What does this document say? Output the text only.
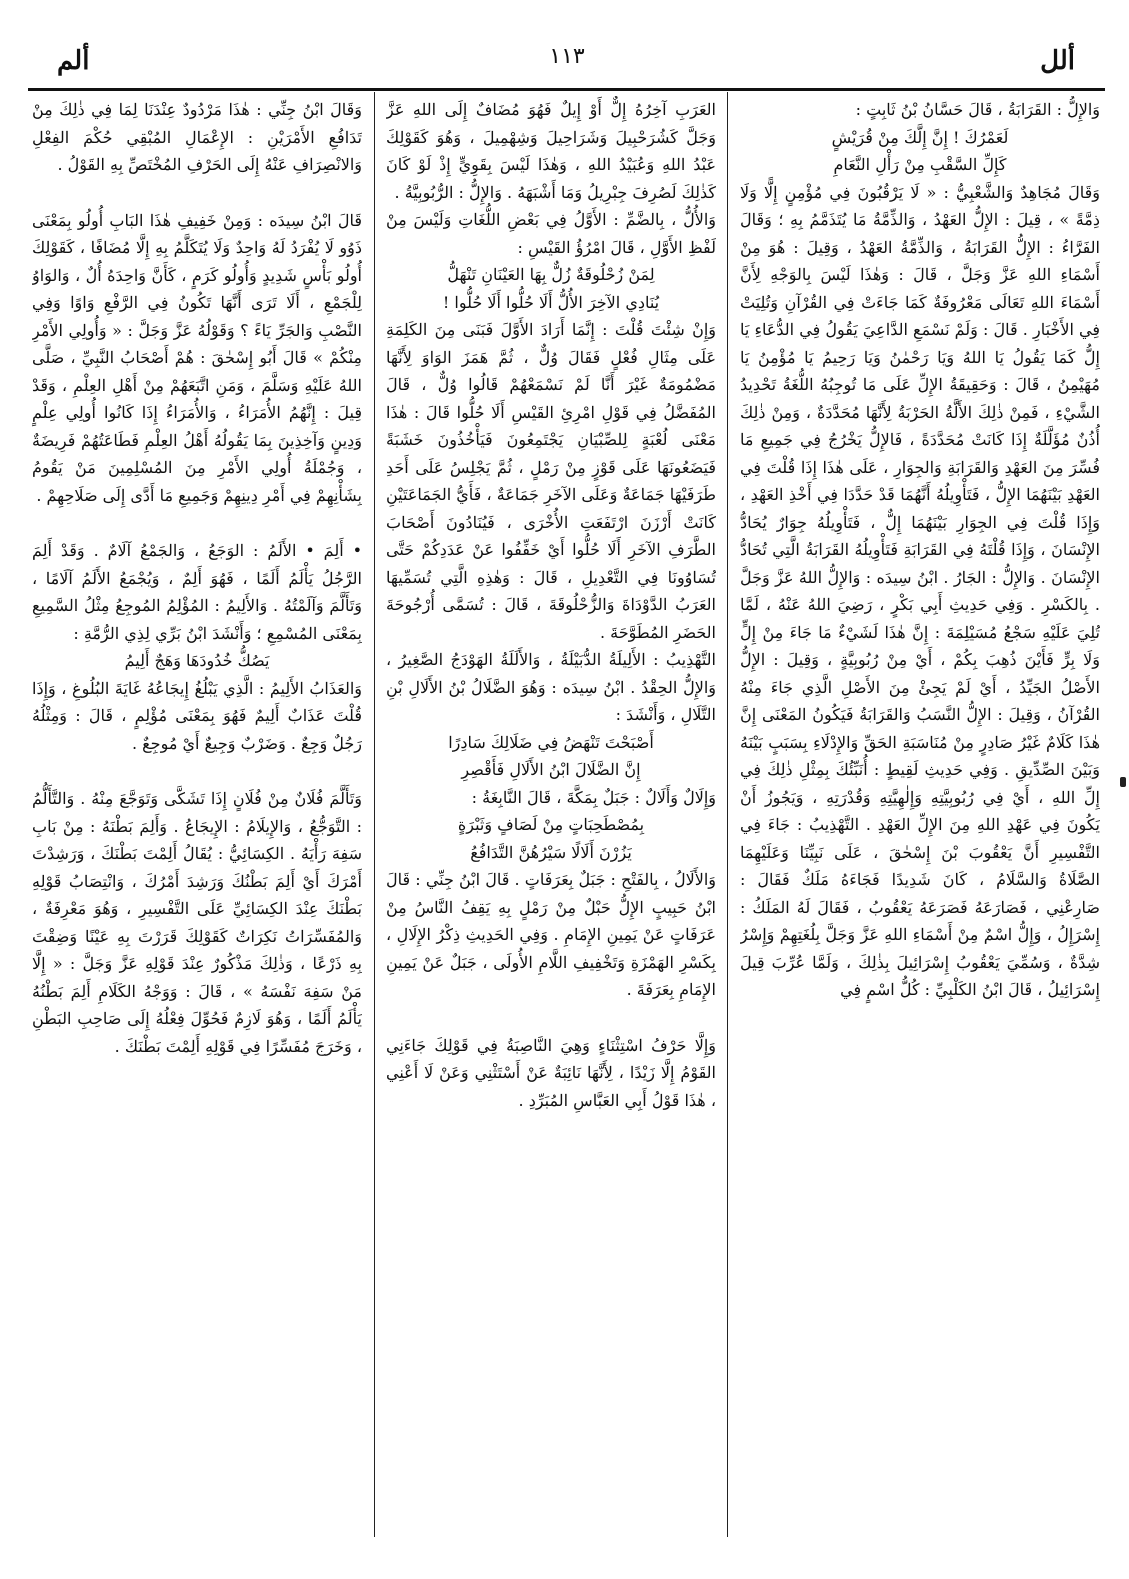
ألل
١١٣
ألم

وَالإِلُّ : القَرَابَةُ ، قَالَ حَسَّانُ بْنُ ثَابِتٍ :

لَعَمْرُكَ ! إِنَّ إِلَّكَ مِنْ قُرَيْشٍ

كَإِلِّ السَّقْبِ مِنْ رَأْلِ النَّعَامِ

وَقَالَ مُجَاهِدٌ وَالشَّعْبِيُّ : « لَا يَرْقُبُونَ فِي مُؤْمِنٍ إِلًّا وَلَا ذِمَّةً » ، قِيلَ : الإِلُّ العَهْدُ ، وَالذِّمَّةُ مَا يُتَذَمَّمُ بِهِ ؛ وَقَالَ الفَرَّاءُ : الإِلُّ القَرَابَةُ ، وَالذِّمَّةُ العَهْدُ ، وَقِيلَ : هُوَ مِنْ أَسْمَاءِ اللهِ عَزَّ وَجَلَّ ، قَالَ : وَهٰذَا لَيْسَ بِالوَجْهِ لِأَنَّ أَسْمَاءَ اللهِ تَعَالَى مَعْرُوفَةٌ كَمَا جَاءَتْ فِي القُرْآنِ وَتُلِيَتْ فِي الأَخْبَارِ . قَالَ : وَلَمْ نَسْمَعِ الدَّاعِيَ يَقُولُ فِي الدُّعَاءِ يَا إِلُّ كَمَا يَقُولُ يَا اللهُ وَيَا رَحْمٰنُ وَيَا رَحِيمُ يَا مُؤْمِنُ يَا مُهَيْمِنُ ، قَالَ : وَحَقِيقَةُ الإِلِّ عَلَى مَا تُوجِبُهُ اللُّغَةُ تَحْدِيدُ الشَّيْءِ ، فَمِنْ ذٰلِكَ الأَلَّةُ الحَرْبَةُ لِأَنَّهَا مُحَدَّدَةٌ ، وَمِنْ ذٰلِكَ أُذُنٌ مُؤَلَّلَةٌ إِذَا كَانَتْ مُحَدَّدَةً ، فَالإِلُّ يَخْرُجُ فِي جَمِيعِ مَا فُسِّرَ مِنَ العَهْدِ وَالقَرَابَةِ وَالجِوَارِ ، عَلَى هٰذَا إِذَا قُلْتَ فِي العَهْدِ بَيْنَهُمَا الإِلُّ ، فَتَأْوِيلُهُ أَنَّهُمَا قَدْ حَدَّدَا فِي أَخْذِ العَهْدِ ، وَإِذَا قُلْتَ فِي الجِوَارِ بَيْنَهُمَا إِلٌّ ، فَتَأْوِيلُهُ جِوَارٌ يُحَادُّ الإِنْسَانَ ، وَإِذَا قُلْتَهُ فِي القَرَابَةِ فَتَأْوِيلُهُ القَرَابَةُ الَّتِي تُحَادُّ الإِنْسَانَ . وَالإِلُّ : الجَارُ . ابْنُ سِيدَه : وَالإِلُّ اللهُ عَزَّ وَجَلَّ . بِالكَسْرِ . وَفِي حَدِيثِ أَبِي بَكْرٍ ، رَضِيَ اللهُ عَنْهُ ، لَمَّا تُلِيَ عَلَيْهِ سَجْعُ مُسَيْلِمَةَ : إِنَّ هٰذَا لَشَيْءٌ مَا جَاءَ مِنْ إِلٍّ وَلَا بِرٍّ فَأَيْنَ ذُهِبَ بِكُمْ ، أَيْ مِنْ رُبُوبِيَّةٍ ، وَقِيلَ : الإِلُّ الأَصْلُ الجَيِّدُ ، أَيْ لَمْ يَجِئْ مِنَ الأَصْلِ الَّذِي جَاءَ مِنْهُ القُرْآنُ ، وَقِيلَ : الإِلُّ النَّسَبُ وَالقَرَابَةُ فَيَكُونُ المَعْنَى إِنَّ هٰذَا كَلَامٌ غَيْرُ صَادِرٍ مِنْ مُنَاسَبَةِ الحَقِّ وَالإِدْلَاءِ بِسَبَبٍ بَيْنَهُ وَبَيْنَ الصِّدِّيقِ . وَفِي حَدِيثِ لَقِيطٍ : أُنَبِّئُكَ بِمِثْلِ ذٰلِكَ فِي إِلِّ اللهِ ، أَيْ فِي رُبُوبِيَّتِهِ وَإِلٰهِيَّتِهِ وَقُدْرَتِهِ ، وَيَجُوزُ أَنْ يَكُونَ فِي عَهْدِ اللهِ مِنَ الإِلِّ العَهْدِ . التَّهْذِيبُ : جَاءَ فِي التَّفْسِيرِ أَنَّ يَعْقُوبَ بْنَ إِسْحٰقَ ، عَلَى نَبِيِّنَا وَعَلَيْهِمَا الصَّلَاةُ وَالسَّلَامُ ، كَانَ شَدِيدًا فَجَاءَهُ مَلَكٌ فَقَالَ : صَارِعْنِي ، فَصَارَعَهُ فَصَرَعَهُ يَعْقُوبُ ، فَقَالَ لَهُ المَلَكُ : إِسْرَإِلُ ، وَإِلُّ اسْمٌ مِنْ أَسْمَاءِ اللهِ عَزَّ وَجَلَّ بِلُغَتِهِمْ وَإِسْرُ شِدَّةٌ ، وَسُمِّيَ يَعْقُوبُ إِسْرَائِيلَ بِذٰلِكَ ، وَلَمَّا عُرِّبَ قِيلَ إِسْرَائِيلُ ، قَالَ ابْنُ الكَلْبِيِّ : كُلُّ اسْمٍ فِي

العَرَبِ آخِرُهُ إِلٌّ أَوْ إِيلٌ فَهُوَ مُضَافٌ إِلَى اللهِ عَزَّ وَجَلَّ كَشُرَحْبِيلَ وَشَرَاحِيلَ وَشِهْمِيلَ ، وَهُوَ كَقَوْلِكَ عَبْدُ اللهِ وَعُبَيْدُ اللهِ ، وَهٰذَا لَيْسَ بِقَوِيٍّ إِذْ لَوْ كَانَ كَذٰلِكَ لَصُرِفَ جِبْرِيلُ وَمَا أَشْبَهَهُ . وَالإِلُّ : الرُّبُوبِيَّةُ .

وَالأُلُّ ، بِالضَّمِّ : الأَوَّلُ فِي بَعْضِ اللُّغَاتِ وَلَيْسَ مِنْ لَفْظِ الأَوَّلِ ، قَالَ امْرُؤُ القَيْسِ :

لِمَنْ زُحْلُوقَةٌ زُلٌّ بِهَا العَيْنَانِ تَنْهَلُّ

يُنَادِي الآخِرَ الأُلُّ أَلَا حُلُّوا أَلَا حُلُّوا !

وَإِنْ شِئْتَ قُلْتَ : إِنَّمَا أَرَادَ الأَوَّلَ فَبَنَى مِنَ الكَلِمَةِ عَلَى مِثَالِ فُعْلٍ فَقَالَ وُلٌّ ، ثُمَّ هَمَزَ الوَاوَ لِأَنَّهَا مَضْمُومَةٌ غَيْرَ أَنَّا لَمْ نَسْمَعْهُمْ قَالُوا وُلٌّ ، قَالَ المُفَضَّلُ فِي قَوْلِ امْرِئِ القَيْسِ أَلَا حُلُّوا قَالَ : هٰذَا مَعْنَى لُعْبَةٍ لِلصِّبْيَانِ يَجْتَمِعُونَ فَيَأْخُذُونَ خَشَبَةً فَيَضَعُونَهَا عَلَى قَوْزٍ مِنْ رَمْلٍ ، ثُمَّ يَجْلِسُ عَلَى أَحَدِ طَرَفَيْهَا جَمَاعَةٌ وَعَلَى الآخَرِ جَمَاعَةٌ ، فَأَيُّ الجَمَاعَتَيْنِ كَانَتْ أَرْزَنَ ارْتَفَعَتِ الأُخْرَى ، فَيُنَادُونَ أَصْحَابَ الطَّرَفِ الآخَرِ أَلَا حُلُّوا أَيْ خَفِّفُوا عَنْ عَدَدِكُمْ حَتَّى تُسَاوُونَا فِي التَّعْدِيلِ ، قَالَ : وَهٰذِهِ الَّتِي تُسَمِّيهَا العَرَبُ الدَّوْدَاةَ وَالزُّحْلُوقَةَ ، قَالَ : تُسَمَّى أُرْجُوحَةَ الحَضَرِ المُطَوَّحَةَ .

التَّهْذِيبُ : الأَلِيلَةُ الدُّبَيْلَةُ ، وَالأَلَلَةُ الهَوْدَجُ الصَّغِيرُ ، وَالإِلُّ الحِقْدُ . ابْنُ سِيدَه : وَهُوَ الضَّلَالُ بْنُ الأَلَالِ بْنِ التَّلَالِ ، وَأَنْشَدَ :

أَصْبَحْتَ تَنْهَضُ فِي ضَلَالِكَ سَادِرًا

إِنَّ الضَّلَالَ ابْنُ الأَلَالِ فَأَقْصِرِ

وَإِلَالٌ وَأَلَالٌ : جَبَلٌ بِمَكَّةَ ، قَالَ النَّابِغَةُ :

بِمُصْطَحِبَاتٍ مِنْ لَصَافٍ وَثَبْرَةٍ

يَزُرْنَ أَلَالًا سَيْرُهُنَّ التَّدَافُعُ

وَالأَلَالُ ، بِالفَتْحِ : جَبَلٌ بِعَرَفَاتٍ . قَالَ ابْنُ جِنِّي : قَالَ ابْنُ حَبِيبٍ الإِلُّ حَبْلٌ مِنْ رَمْلٍ بِهِ يَقِفُ النَّاسُ مِنْ عَرَفَاتٍ عَنْ يَمِينِ الإِمَامِ . وَفِي الحَدِيثِ ذِكْرُ الإِلَالِ ، بِكَسْرِ الهَمْزَةِ وَتَخْفِيفِ اللَّامِ الأُولَى ، جَبَلٌ عَنْ يَمِينِ الإِمَامِ بِعَرَفَةَ .

وَإِلَّا حَرْفُ اسْتِثْنَاءٍ وَهِيَ النَّاصِبَةُ فِي قَوْلِكَ جَاءَنِي القَوْمُ إِلَّا زَيْدًا ، لِأَنَّهَا نَائِبَةٌ عَنْ أَسْتَثْنِي وَعَنْ لَا أَعْنِي ، هٰذَا قَوْلُ أَبِي العَبَّاسِ المُبَرِّدِ .

وَقَالَ ابْنُ جِنِّي : هٰذَا مَرْدُودٌ عِنْدَنَا لِمَا فِي ذٰلِكَ مِنْ تَدَافُعِ الأَمْرَيْنِ : الإِعْمَالِ المُبْقِي حُكْمَ الفِعْلِ وَالانْصِرَافِ عَنْهُ إِلَى الحَرْفِ المُخْتَصِّ بِهِ القَوْلُ .

قَالَ ابْنُ سِيدَه : وَمِنْ خَفِيفِ هٰذَا البَابِ أُولُو بِمَعْنَى ذَوُو لَا يُفْرَدُ لَهُ وَاحِدٌ وَلَا يُتَكَلَّمُ بِهِ إِلَّا مُضَافًا ، كَقَوْلِكَ أُولُو بَأْسٍ شَدِيدٍ وَأُولُو كَرَمٍ ، كَأَنَّ وَاحِدَهُ أُلٌ ، وَالوَاوُ لِلْجَمْعِ ، أَلَا تَرَى أَنَّهَا تَكُونُ فِي الرَّفْعِ وَاوًا وَفِي النَّصْبِ وَالجَرِّ يَاءً ؟ وَقَوْلُهُ عَزَّ وَجَلَّ : « وَأُولِي الأَمْرِ مِنْكُمْ » قَالَ أَبُو إِسْحٰقَ : هُمْ أَصْحَابُ النَّبِيِّ ، صَلَّى اللهُ عَلَيْهِ وَسَلَّمَ ، وَمَنِ اتَّبَعَهُمْ مِنْ أَهْلِ العِلْمِ ، وَقَدْ قِيلَ : إِنَّهُمُ الأُمَرَاءُ ، وَالأُمَرَاءُ إِذَا كَانُوا أُولِي عِلْمٍ وَدِينٍ وَآخِذِينَ بِمَا يَقُولُهُ أَهْلُ العِلْمِ فَطَاعَتُهُمْ فَرِيضَةٌ ، وَجُمْلَةُ أُولِي الأَمْرِ مِنَ المُسْلِمِينَ مَنْ يَقُومُ بِشَأْنِهِمْ فِي أَمْرِ دِينِهِمْ وَجَمِيعِ مَا أَدَّى إِلَى صَلَاحِهِمْ .

• أَلِمَ • الأَلَمُ : الوَجَعُ ، وَالجَمْعُ آلَامٌ . وَقَدْ أَلِمَ الرَّجُلُ يَأْلَمُ أَلَمًا ، فَهُوَ أَلِمٌ ، وَيُجْمَعُ الأَلَمُ آلَامًا ، وَتَأَلَّمَ وَآلَمْتُهُ . وَالأَلِيمُ : المُؤْلِمُ المُوجِعُ مِثْلُ السَّمِيعِ بِمَعْنَى المُسْمِعِ ؛ وَأَنْشَدَ ابْنُ بَرِّي لِذِي الرُّمَّةِ :

يَصُكُّ خُدُودَهَا وَهَجٌ أَلِيمُ

وَالعَذَابُ الأَلِيمُ : الَّذِي يَبْلُغُ إِيجَاعُهُ غَايَةَ البُلُوغِ ، وَإِذَا قُلْتَ عَذَابٌ أَلِيمٌ فَهُوَ بِمَعْنَى مُؤْلِمٍ ، قَالَ : وَمِثْلُهُ رَجُلٌ وَجِعٌ . وَضَرْبٌ وَجِيعٌ أَيْ مُوجِعٌ .

وَتَأَلَّمَ فُلَانٌ مِنْ فُلَانٍ إِذَا تَشَكَّى وَتَوَجَّعَ مِنْهُ . وَالتَّأَلُّمُ : التَّوَجُّعُ ، وَالإِيلَامُ : الإِيجَاعُ . وَأَلِمَ بَطْنَهُ : مِنْ بَابِ سَفِهَ رَأْيَهُ . الكِسَائِيُّ : يُقَالُ أَلِمْتَ بَطْنَكَ ، وَرَشِدْتَ أَمْرَكَ أَيْ أَلِمَ بَطْنُكَ وَرَشِدَ أَمْرُكَ ، وَانْتِصَابُ قَوْلِهِ بَطْنَكَ عِنْدَ الكِسَائِيِّ عَلَى التَّفْسِيرِ ، وَهُوَ مَعْرِفَةٌ ، وَالمُفَسِّرَاتُ نَكِرَاتٌ كَقَوْلِكَ قَرَرْتَ بِهِ عَيْنًا وَضِقْتَ بِهِ ذَرْعًا ، وَذٰلِكَ مَذْكُورٌ عِنْدَ قَوْلِهِ عَزَّ وَجَلَّ : « إِلَّا مَنْ سَفِهَ نَفْسَهُ » ، قَالَ : وَوَجْهُ الكَلَامِ أَلِمَ بَطْنُهُ يَأْلَمُ أَلَمًا ، وَهُوَ لَازِمٌ فَحُوِّلَ فِعْلُهُ إِلَى صَاحِبِ البَطْنِ ، وَخَرَجَ مُفَسِّرًا فِي قَوْلِهِ أَلِمْتَ بَطْنَكَ .
